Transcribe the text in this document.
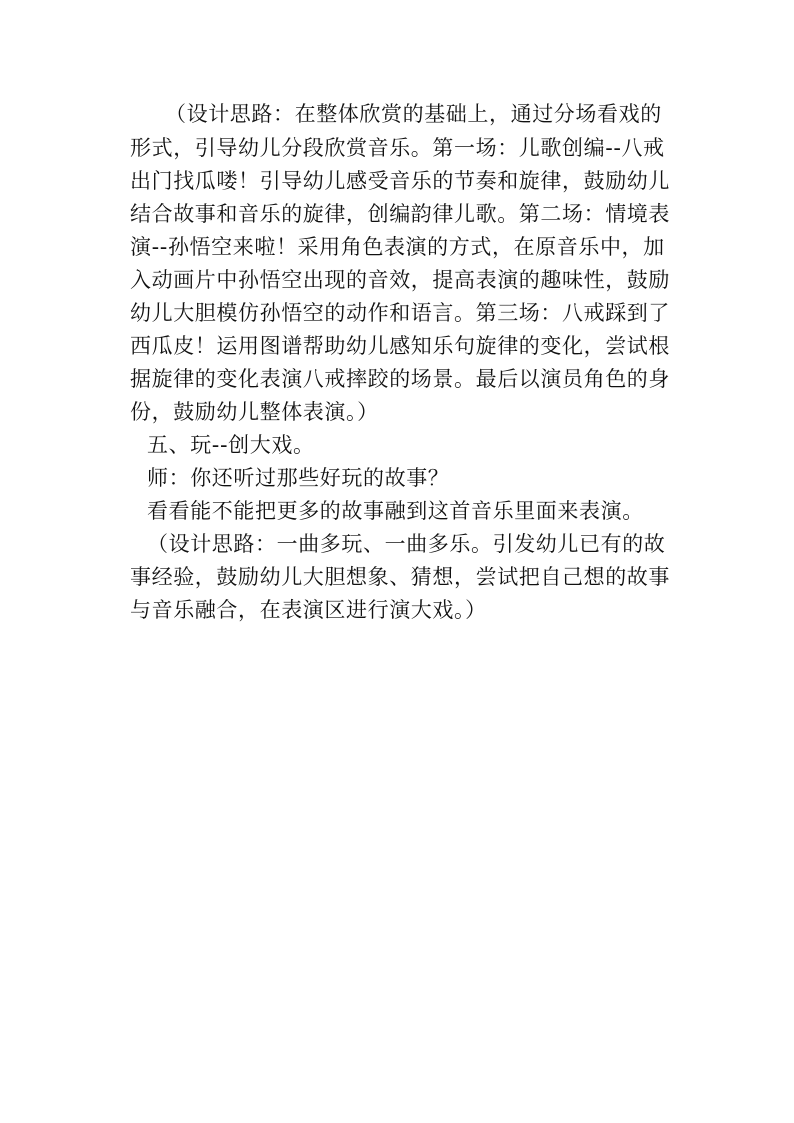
（设计思路：在整体欣赏的基础上，通过分场看戏的
形式，引导幼儿分段欣赏音乐。第一场：儿歌创编--八戒
出门找瓜喽！引导幼儿感受音乐的节奏和旋律，鼓励幼儿
结合故事和音乐的旋律，创编韵律儿歌。第二场：情境表
演--孙悟空来啦！采用角色表演的方式，在原音乐中，加
入动画片中孙悟空出现的音效，提高表演的趣味性，鼓励
幼儿大胆模仿孙悟空的动作和语言。第三场：八戒踩到了
西瓜皮！运用图谱帮助幼儿感知乐句旋律的变化，尝试根
据旋律的变化表演八戒摔跤的场景。最后以演员角色的身
份，鼓励幼儿整体表演。）
五、玩--创大戏。
师：你还听过那些好玩的故事？
看看能不能把更多的故事融到这首音乐里面来表演。
（设计思路：一曲多玩、一曲多乐。引发幼儿已有的故
事经验，鼓励幼儿大胆想象、猜想，尝试把自己想的故事
与音乐融合，在表演区进行演大戏。）
